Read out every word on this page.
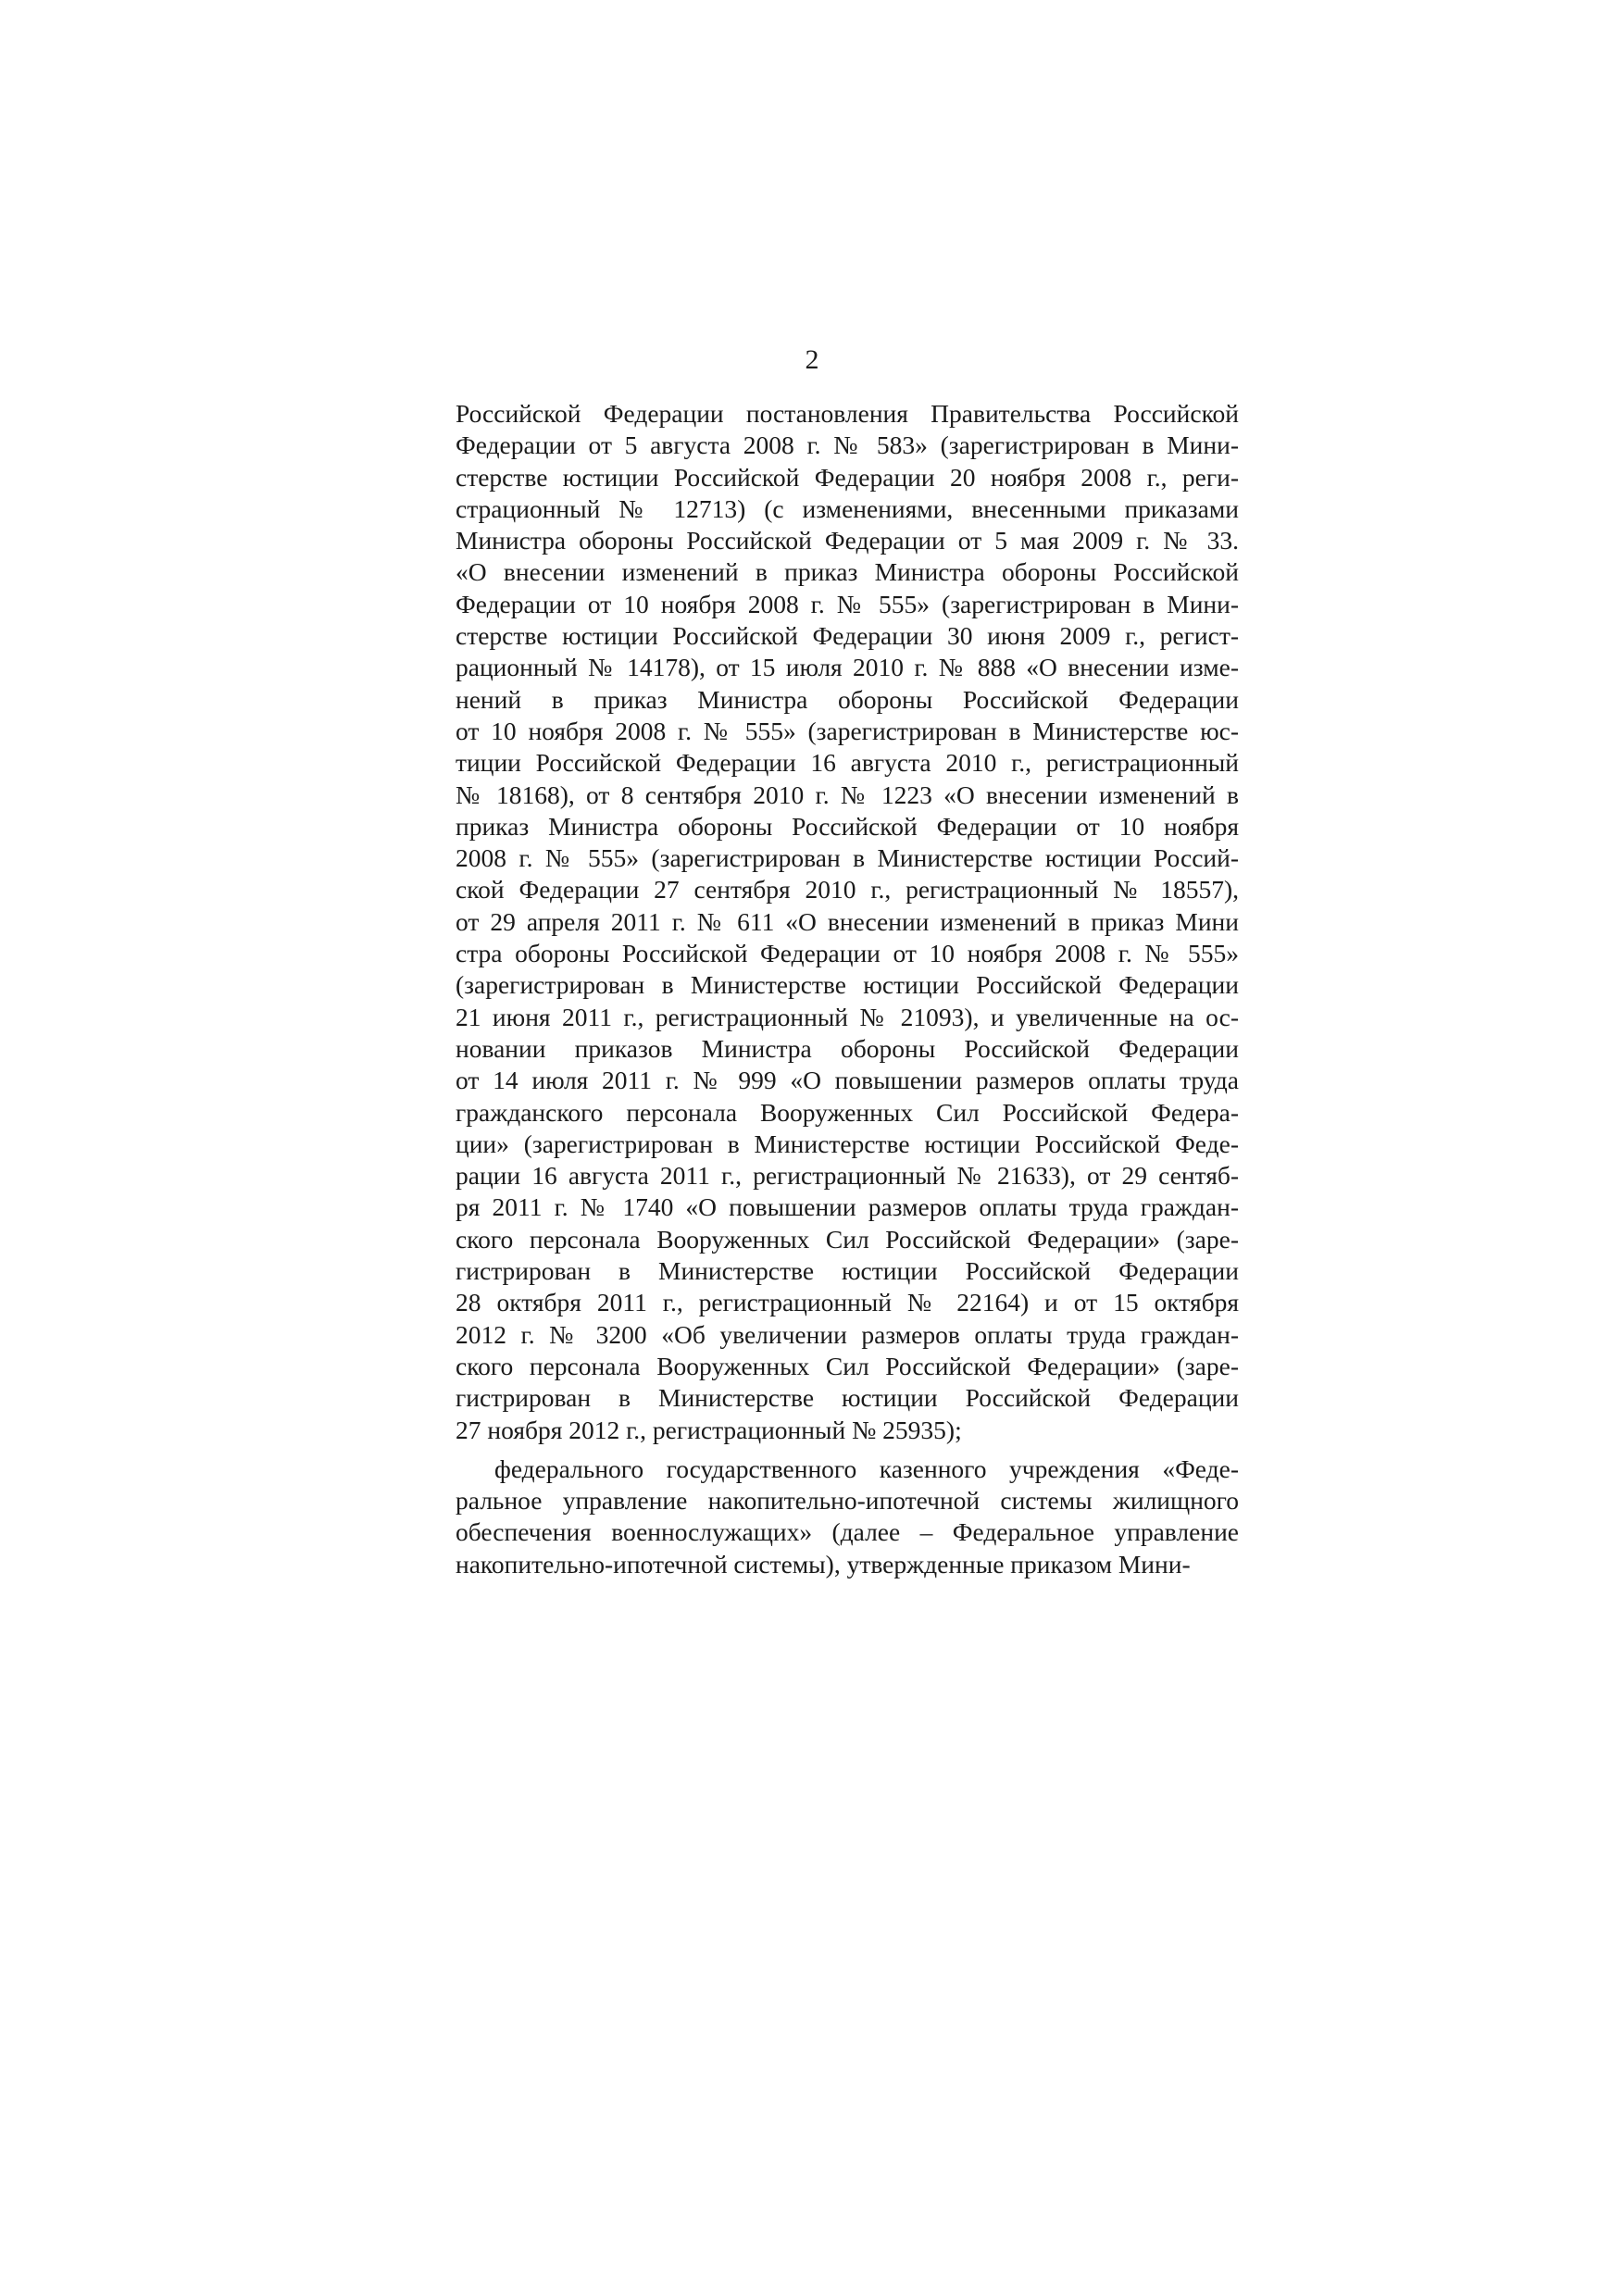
2
Российской Федерации постановления Правительства Российской
Федерации от 5 августа 2008 г. № 583» (зарегистрирован в Мини-
стерстве юстиции Российской Федерации 20 ноября 2008 г., реги-
страционный № 12713) (с изменениями, внесенными приказами
Министра обороны Российской Федерации от 5 мая 2009 г. № 33.
«О внесении изменений в приказ Министра обороны Российской
Федерации от 10 ноября 2008 г. № 555» (зарегистрирован в Мини-
стерстве юстиции Российской Федерации 30 июня 2009 г., регист-
рационный № 14178), от 15 июля 2010 г. № 888 «О внесении изме-
нений в приказ Министра обороны Российской Федерации
от 10 ноября 2008 г. № 555» (зарегистрирован в Министерстве юс-
тиции Российской Федерации 16 августа 2010 г., регистрационный
№ 18168), от 8 сентября 2010 г. № 1223 «О внесении изменений в
приказ Министра обороны Российской Федерации от 10 ноября
2008 г. № 555» (зарегистрирован в Министерстве юстиции Россий-
ской Федерации 27 сентября 2010 г., регистрационный № 18557),
от 29 апреля 2011 г. № 611 «О внесении изменений в приказ Мини
стра обороны Российской Федерации от 10 ноября 2008 г. № 555»
(зарегистрирован в Министерстве юстиции Российской Федерации
21 июня 2011 г., регистрационный № 21093), и увеличенные на ос-
новании приказов Министра обороны Российской Федерации
от 14 июля 2011 г. № 999 «О повышении размеров оплаты труда
гражданского персонала Вооруженных Сил Российской Федера-
ции» (зарегистрирован в Министерстве юстиции Российской Феде-
рации 16 августа 2011 г., регистрационный № 21633), от 29 сентяб-
ря 2011 г. № 1740 «О повышении размеров оплаты труда граждан-
ского персонала Вооруженных Сил Российской Федерации» (заре-
гистрирован в Министерстве юстиции Российской Федерации
28 октября 2011 г., регистрационный № 22164) и от 15 октября
2012 г. № 3200 «Об увеличении размеров оплаты труда граждан-
ского персонала Вооруженных Сил Российской Федерации» (заре-
гистрирован в Министерстве юстиции Российской Федерации
27 ноября 2012 г., регистрационный № 25935);
федерального государственного казенного учреждения «Феде-
ральное управление накопительно-ипотечной системы жилищного
обеспечения военнослужащих» (далее – Федеральное управление
накопительно-ипотечной системы), утвержденные приказом Мини-
